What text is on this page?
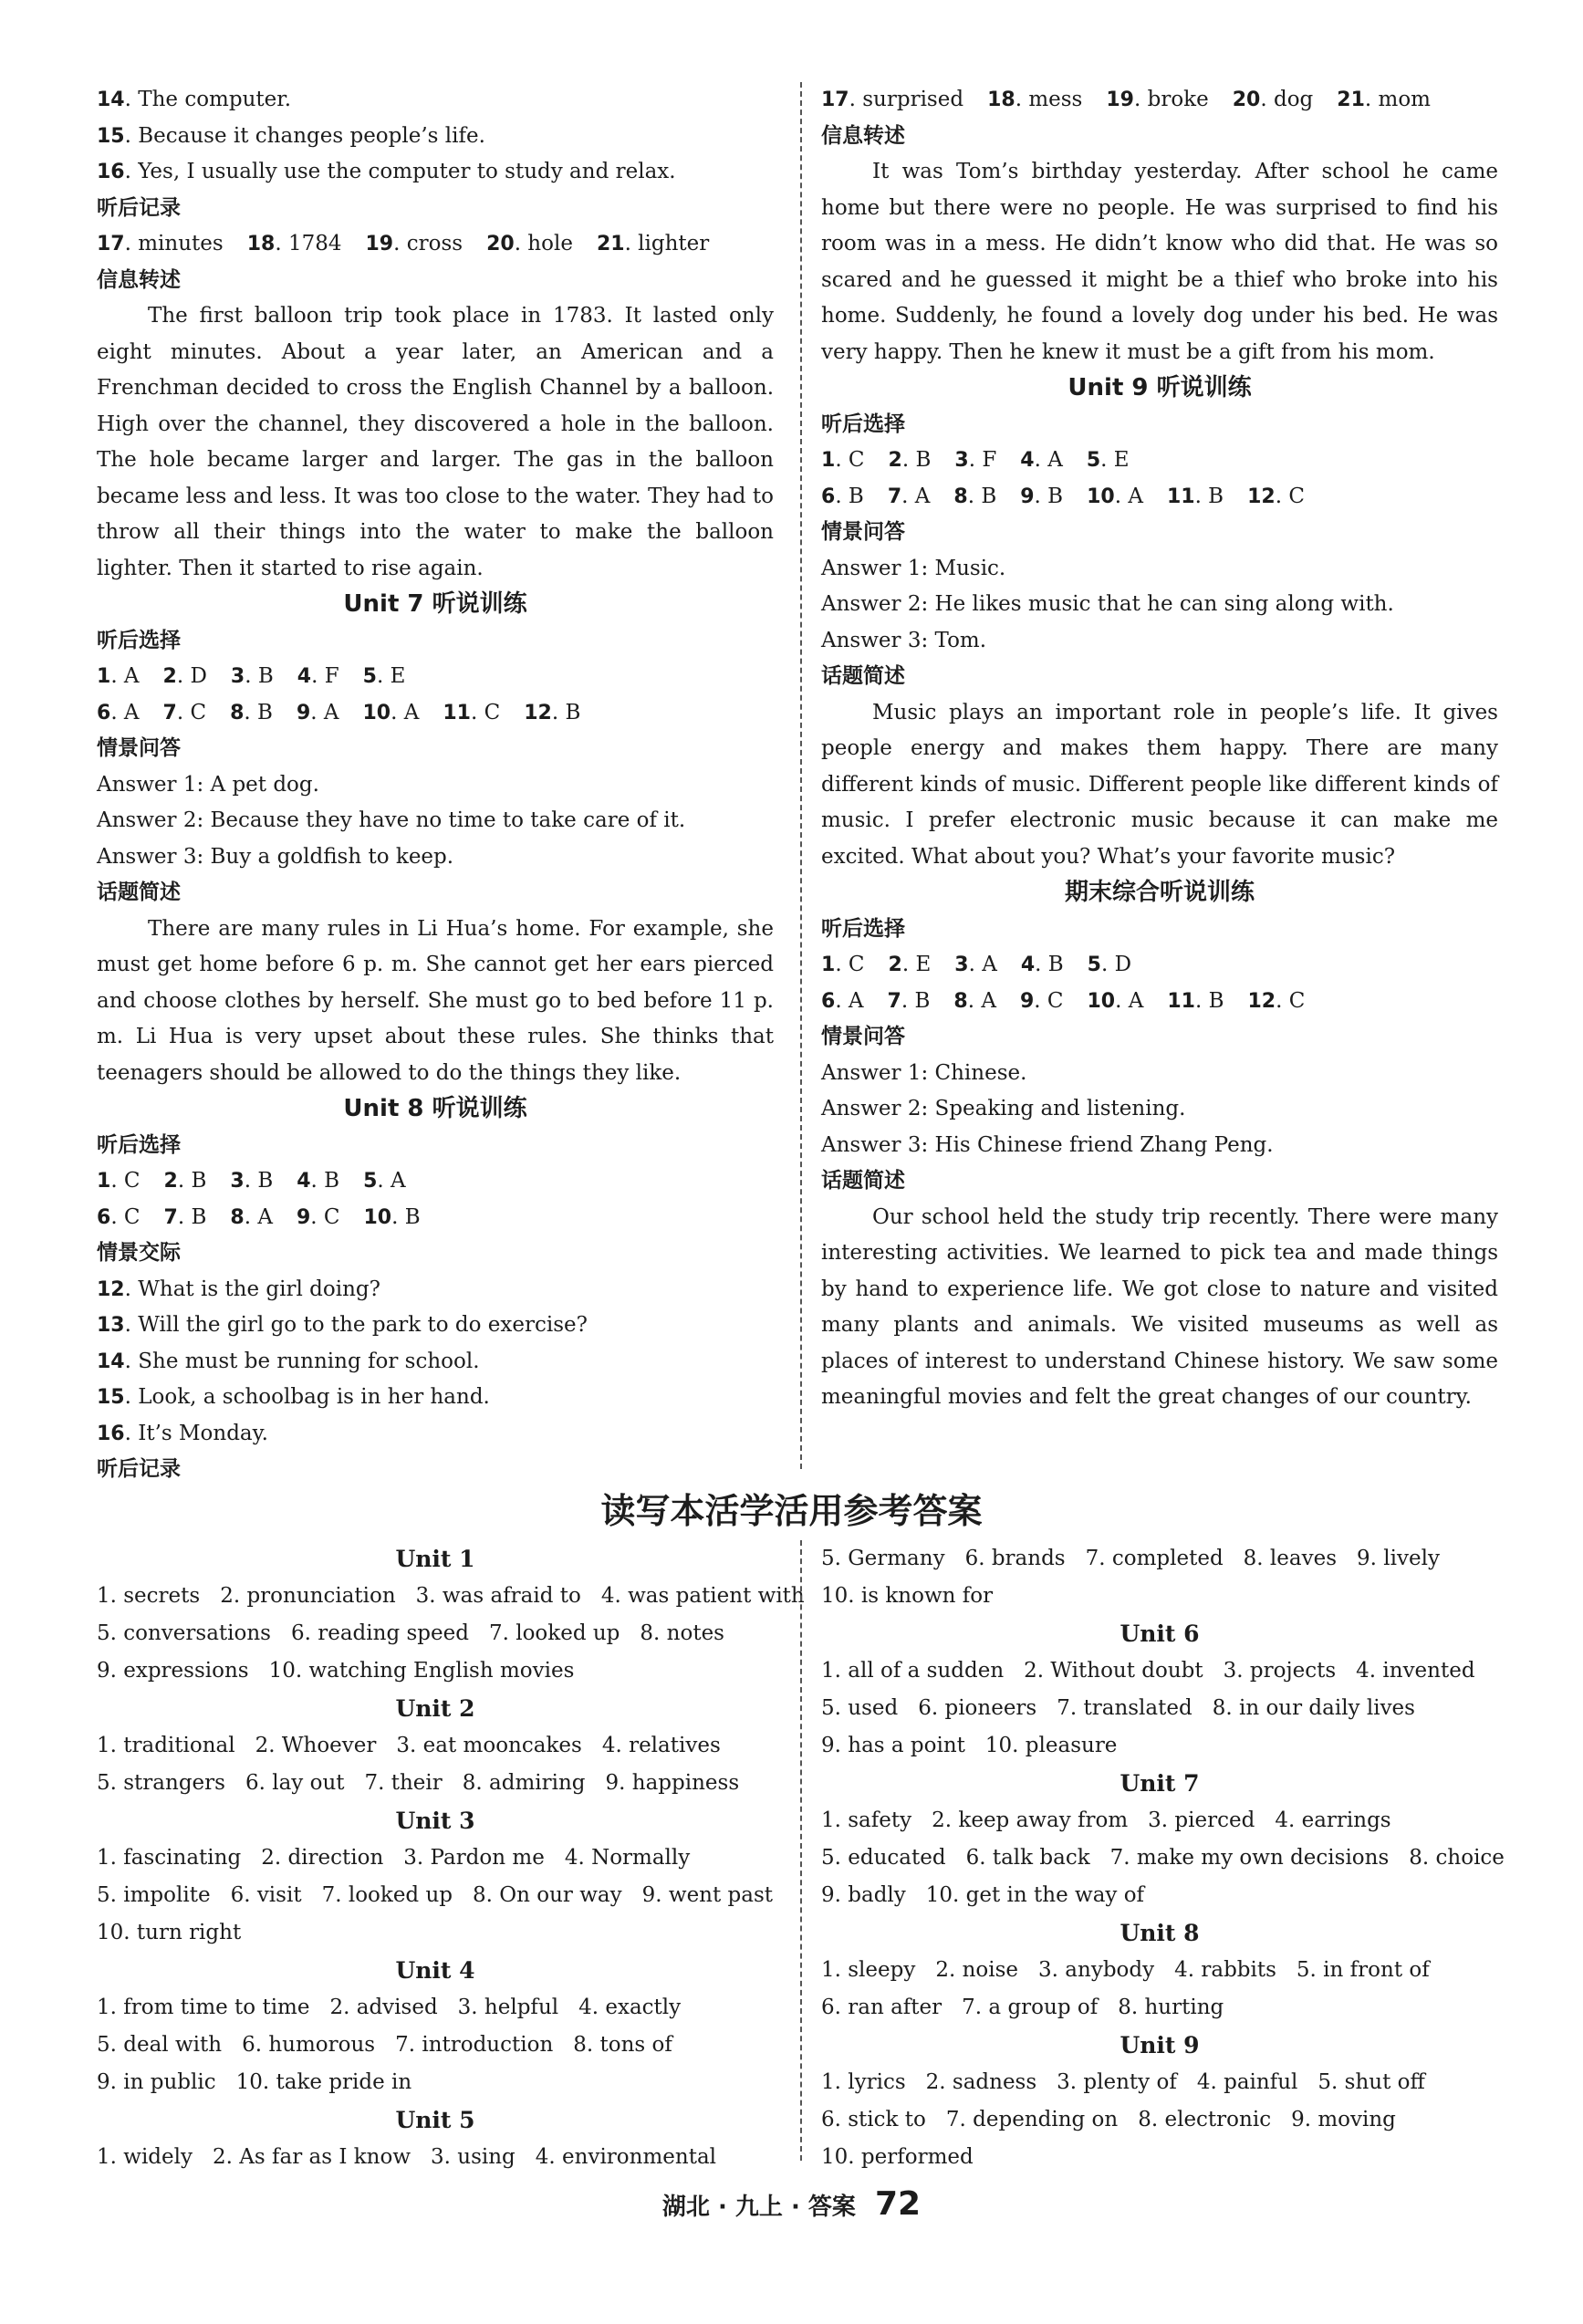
14. The computer.
15. Because it changes people’s life.
16. Yes, I usually use the computer to study and relax.
听后记录
17. minutes 18. 1784 19. cross 20. hole 21. lighter
信息转述

The first balloon trip took place in 1783. It lasted only eight minutes. About a year later, an American and a Frenchman decided to cross the English Channel by a balloon. High over the channel, they discovered a hole in the balloon. The hole became larger and larger. The gas in the balloon became less and less. It was too close to the water. They had to throw all their things into the water to make the balloon lighter. Then it started to rise again.

Unit 7 听说训练
听后选择
1. A 2. D 3. B 4. F 5. E
6. A 7. C 8. B 9. A 10. A 11. C 12. B
情景问答
Answer 1: A pet dog.
Answer 2: Because they have no time to take care of it.
Answer 3: Buy a goldfish to keep.
话题简述

There are many rules in Li Hua’s home. For example, she must get home before 6 p. m. She cannot get her ears pierced and choose clothes by herself. She must go to bed before 11 p. m. Li Hua is very upset about these rules. She thinks that teenagers should be allowed to do the things they like.

Unit 8 听说训练
听后选择
1. C 2. B 3. B 4. B 5. A
6. C 7. B 8. A 9. C 10. B
情景交际
12. What is the girl doing?
13. Will the girl go to the park to do exercise?
14. She must be running for school.
15. Look, a schoolbag is in her hand.
16. It’s Monday.
听后记录
17. surprised 18. mess 19. broke 20. dog 21. mom
信息转述

It was Tom’s birthday yesterday. After school he came home but there were no people. He was surprised to find his room was in a mess. He didn’t know who did that. He was so scared and he guessed it might be a thief who broke into his home. Suddenly, he found a lovely dog under his bed. He was very happy. Then he knew it must be a gift from his mom.

Unit 9 听说训练
听后选择
1. C 2. B 3. F 4. A 5. E
6. B 7. A 8. B 9. B 10. A 11. B 12. C
情景问答
Answer 1: Music.
Answer 2: He likes music that he can sing along with.
Answer 3: Tom.
话题简述

Music plays an important role in people’s life. It gives people energy and makes them happy. There are many different kinds of music. Different people like different kinds of music. I prefer electronic music because it can make me excited. What about you? What’s your favorite music?

期末综合听说训练
听后选择
1. C 2. E 3. A 4. B 5. D
6. A 7. B 8. A 9. C 10. A 11. B 12. C
情景问答
Answer 1: Chinese.
Answer 2: Speaking and listening.
Answer 3: His Chinese friend Zhang Peng.
话题简述

Our school held the study trip recently. There were many interesting activities. We learned to pick tea and made things by hand to experience life. We got close to nature and visited many plants and animals. We visited museums as well as places of interest to understand Chinese history. We saw some meaningful movies and felt the great changes of our country.

读写本活学活用参考答案
Unit 1
1. secrets 2. pronunciation 3. was afraid to 4. was patient with
5. conversations 6. reading speed 7. looked up 8. notes
9. expressions 10. watching English movies
Unit 2
1. traditional 2. Whoever 3. eat mooncakes 4. relatives
5. strangers 6. lay out 7. their 8. admiring 9. happiness
Unit 3
1. fascinating 2. direction 3. Pardon me 4. Normally
5. impolite 6. visit 7. looked up 8. On our way 9. went past
10. turn right
Unit 4
1. from time to time 2. advised 3. helpful 4. exactly
5. deal with 6. humorous 7. introduction 8. tons of
9. in public 10. take pride in
Unit 5
1. widely 2. As far as I know 3. using 4. environmental
5. Germany 6. brands 7. completed 8. leaves 9. lively
10. is known for
Unit 6
1. all of a sudden 2. Without doubt 3. projects 4. invented
5. used 6. pioneers 7. translated 8. in our daily lives
9. has a point 10. pleasure
Unit 7
1. safety 2. keep away from 3. pierced 4. earrings
5. educated 6. talk back 7. make my own decisions 8. choice
9. badly 10. get in the way of
Unit 8
1. sleepy 2. noise 3. anybody 4. rabbits 5. in front of
6. ran after 7. a group of 8. hurting
Unit 9
1. lyrics 2. sadness 3. plenty of 4. painful 5. shut off
6. stick to 7. depending on 8. electronic 9. moving
10. performed
湖北 · 九上 · 答案 72
